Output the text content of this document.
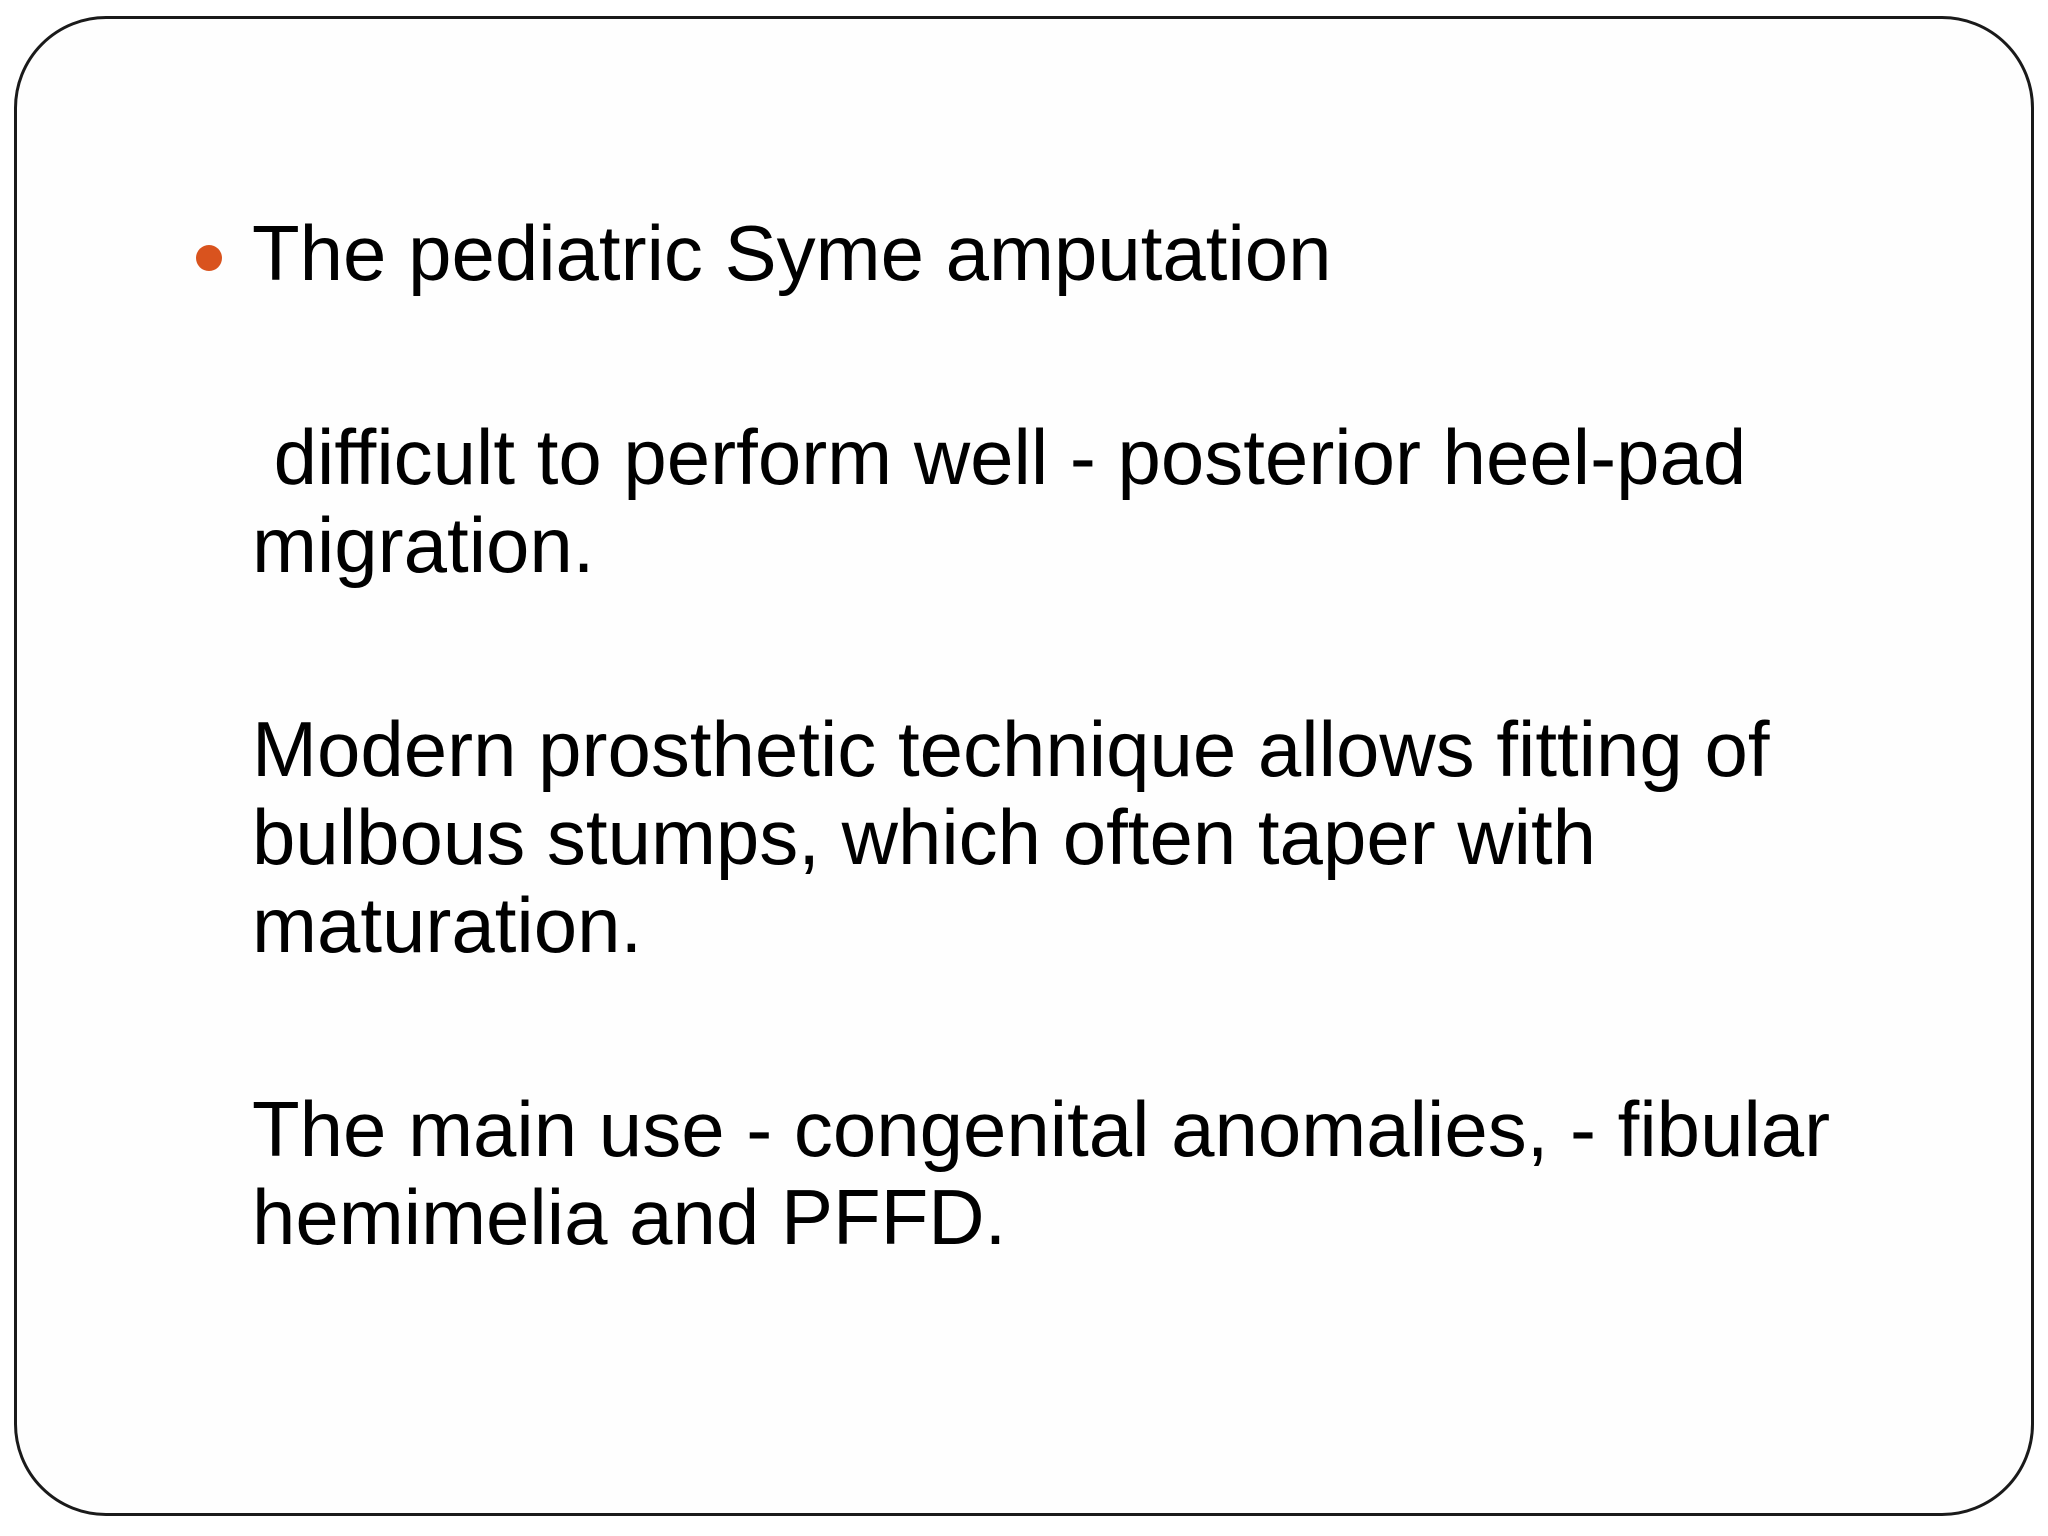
The pediatric Syme amputation

difficult to perform well - posterior heel-pad migration.

Modern prosthetic technique allows fitting of bulbous stumps, which often taper with maturation.

The main use - congenital anomalies, - fibular hemimelia and PFFD.
